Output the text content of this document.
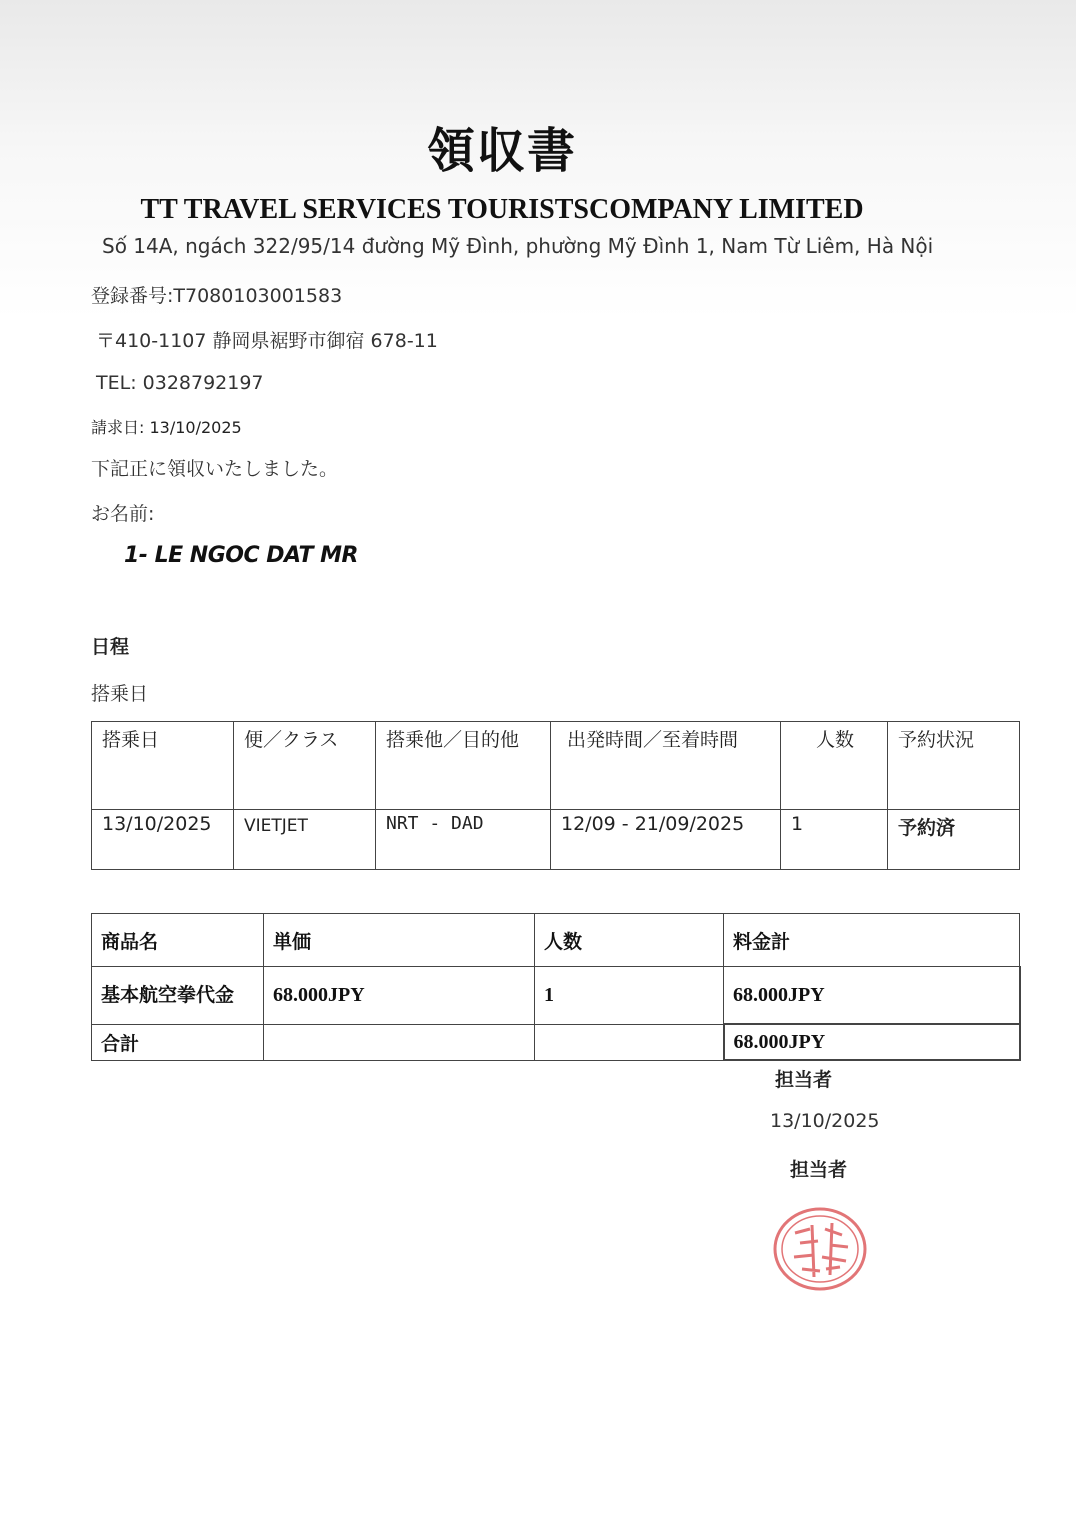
領収書
TT TRAVEL SERVICES TOURISTSCOMPANY LIMITED
Số 14A, ngách 322/95/14 đường Mỹ Đình, phường Mỹ Đình 1, Nam Từ Liêm, Hà Nội
登録番号:T7080103001583
〒410-1107 静岡県裾野市御宿 678-11
TEL: 0328792197
請求日: 13/10/2025
下記正に領収いたしました。
お名前:
1- LE NGOC DAT MR
日程
搭乗日
搭乗日	便／クラス	搭乗他／目的他	出発時間／至着時間	人数	予約状況
13/10/2025	VIETJET	NRT - DAD	12/09 - 21/09/2025	1	予約済
商品名	単価	人数	料金計
基本航空拳代金	68.000JPY	1	68.000JPY
合計			68.000JPY
担当者
13/10/2025
担当者
